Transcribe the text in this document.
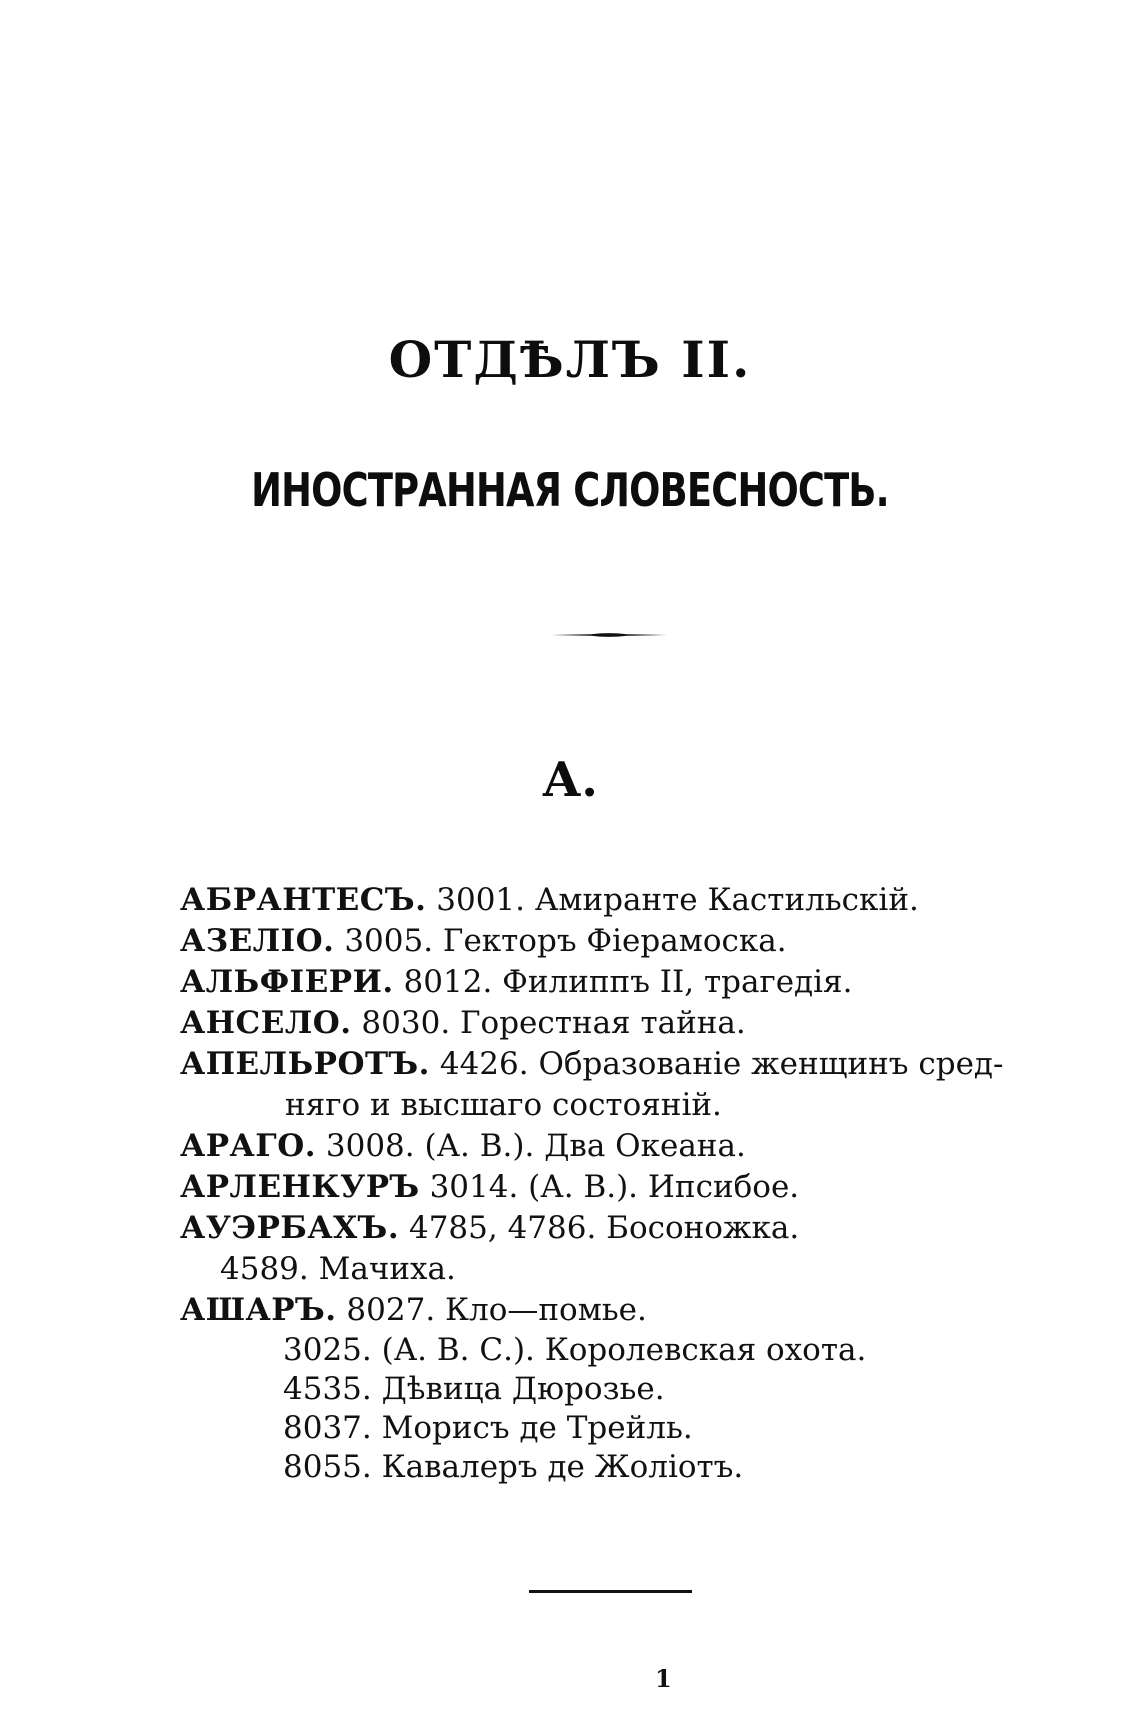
ОТДѢЛЪ II.
ИНОСТРАННАЯ СЛОВЕСНОСТЬ.
А.

АБРАНТЕСЪ. 3001. Амиранте Кастильскій.

АЗЕЛІО. 3005. Гекторъ Фіерамоска.

АЛЬФІЕРИ. 8012. Филиппъ II, трагедія.

АНСЕЛО. 8030. Горестная тайна.

АПЕЛЬРОТЪ. 4426. Образованіе женщинъ сред-

няго и высшаго состояній.

АРАГО. 3008. (А. В.). Два Океана.

АРЛЕНКУРЪ 3014. (А. В.). Ипсибое.

АУЭРБАХЪ. 4785, 4786. Босоножка.

4589. Мачиха.

АШАРЪ. 8027. Кло—помье.

3025. (А. В. С.). Королевская охота.

4535. Дѣвица Дюрозье.

8037. Морисъ де Трейль.

8055. Кавалеръ де Жоліотъ.

1
